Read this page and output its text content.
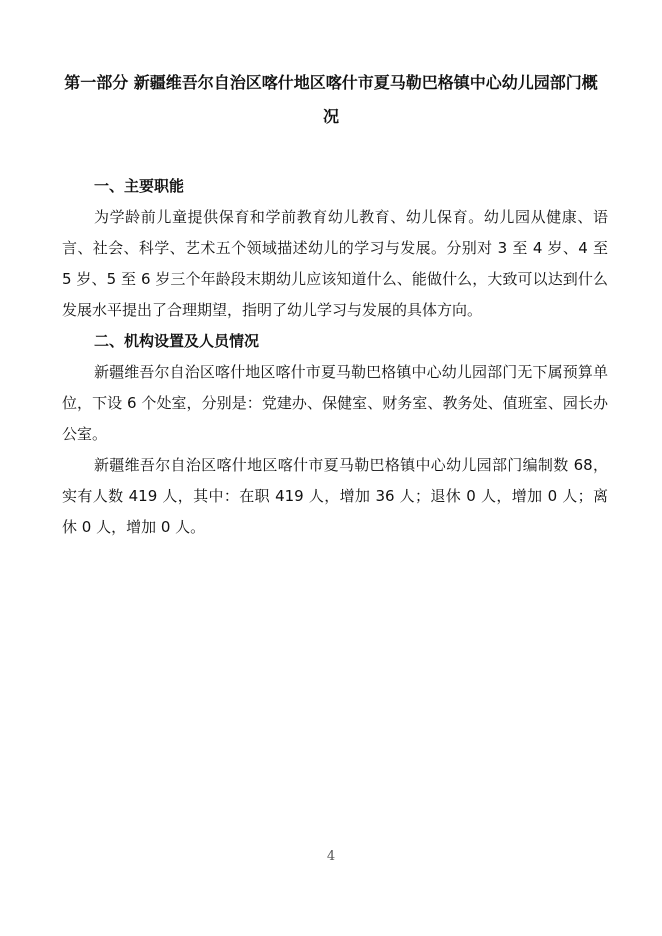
第一部分 新疆维吾尔自治区喀什地区喀什市夏马勒巴格镇中心幼儿园部门概况
一、主要职能

为学龄前儿童提供保育和学前教育幼儿教育、幼儿保育。幼儿园从健康、语言、社会、科学、艺术五个领域描述幼儿的学习与发展。分别对 3 至 4 岁、4 至 5 岁、5 至 6 岁三个年龄段末期幼儿应该知道什么、能做什么，大致可以达到什么发展水平提出了合理期望，指明了幼儿学习与发展的具体方向。

二、机构设置及人员情况

新疆维吾尔自治区喀什地区喀什市夏马勒巴格镇中心幼儿园部门无下属预算单位，下设 6 个处室，分别是：党建办、保健室、财务室、教务处、值班室、园长办公室。

新疆维吾尔自治区喀什地区喀什市夏马勒巴格镇中心幼儿园部门编制数 68，实有人数 419 人，其中：在职 419 人，增加 36 人；退休 0 人，增加 0 人；离休 0 人，增加 0 人。

4
